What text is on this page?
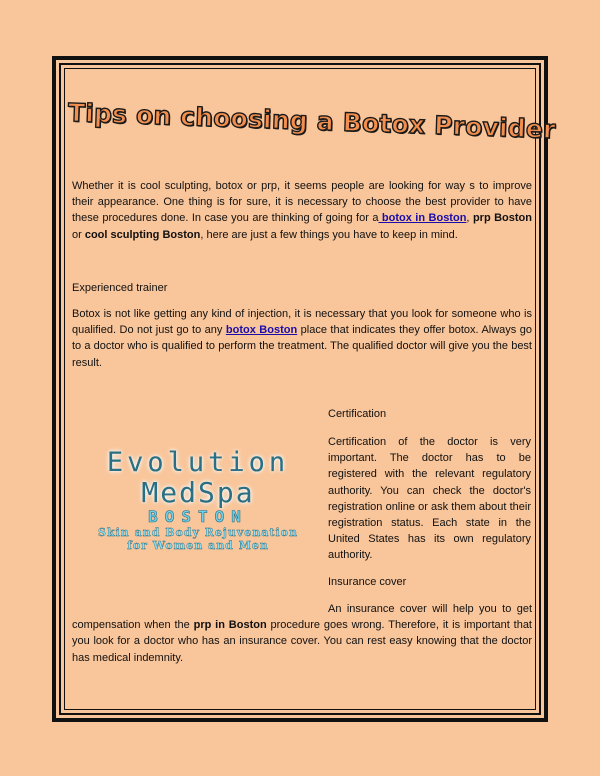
Tips on choosing a Botox Provider

Whether it is cool sculpting, botox or prp, it seems people are looking for way s to improve their appearance. One thing is for sure, it is necessary to choose the best provider to have these procedures done. In case you are thinking of going for a botox in Boston, prp Boston or cool sculpting Boston, here are just a few things you have to keep in mind.

Experienced trainer

Botox is not like getting any kind of injection, it is necessary that you look for someone who is qualified. Do not just go to any botox Boston place that indicates they offer botox. Always go to a doctor who is qualified to perform the treatment. The qualified doctor will give you the best result.

Evolution
MedSpa
BOSTON
Skin and Body Rejuvenation
for Women and Men

Certification

Certification of the doctor is very important. The doctor has to be registered with the relevant regulatory authority. You can check the doctor's registration online or ask them about their registration status. Each state in the United States has its own regulatory authority.

Insurance cover

An insurance cover will help you to get compensation when the prp in Boston procedure goes wrong. Therefore, it is important that you look for a doctor who has an insurance cover. You can rest easy knowing that the doctor has medical indemnity.
